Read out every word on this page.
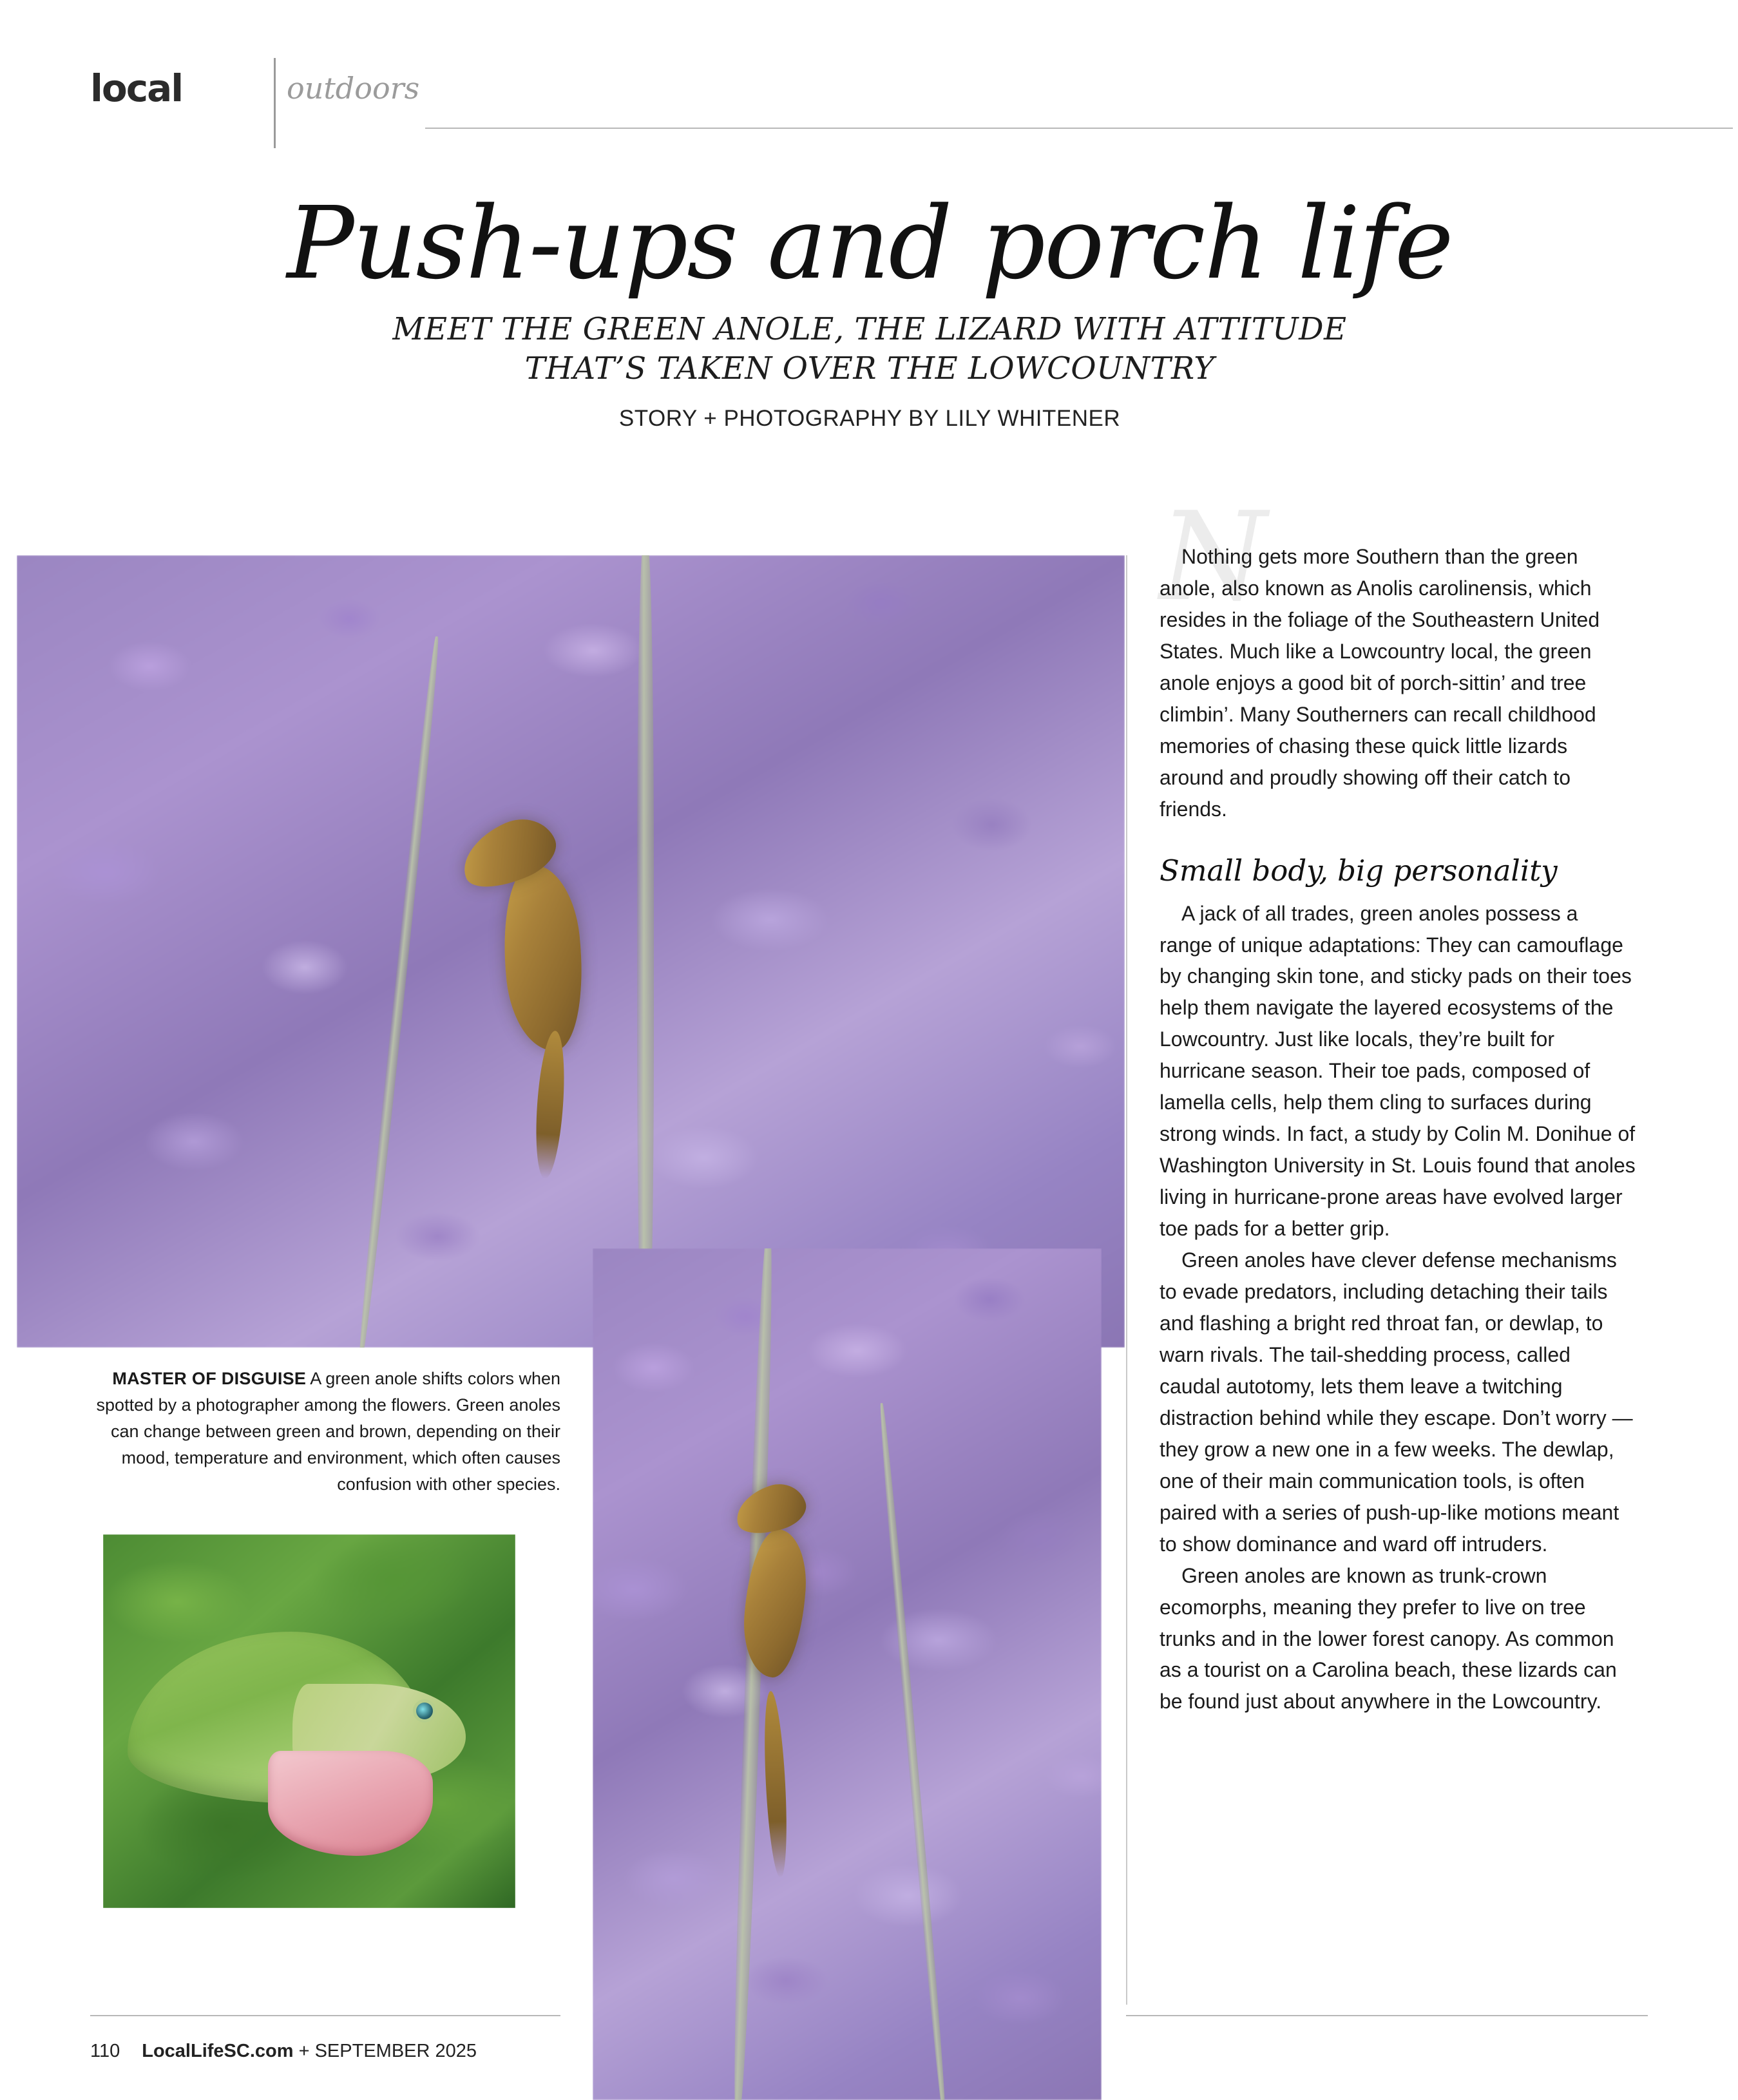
local	outdoors
Push-ups and porch life
MEET THE GREEN ANOLE, THE LIZARD WITH ATTITUDE
THAT’S TAKEN OVER THE LOWCOUNTRY
STORY + PHOTOGRAPHY BY LILY WHITENER
MASTER OF DISGUISE A green anole shifts colors when spotted by a photographer among the flowers. Green anoles can change between green and brown, depending on their mood, temperature and environment, which often causes confusion with other species.
N

Nothing gets more Southern than the green anole, also known as Anolis carolinensis, which resides in the foliage of the Southeastern United States. Much like a Lowcountry local, the green anole enjoys a good bit of porch-sittin’ and tree climbin’. Many Southerners can recall childhood memories of chasing these quick little lizards around and proudly showing off their catch to friends.

Small body, big personality

A jack of all trades, green anoles possess a range of unique adaptations: They can camouflage by changing skin tone, and sticky pads on their toes help them navigate the layered ecosystems of the Lowcountry. Just like locals, they’re built for hurricane season. Their toe pads, composed of lamella cells, help them cling to surfaces during strong winds. In fact, a study by Colin M. Donihue of Washington University in St. Louis found that anoles living in hurricane-prone areas have evolved larger toe pads for a better grip.

Green anoles have clever defense mechanisms to evade predators, including detaching their tails and flashing a bright red throat fan, or dewlap, to warn rivals. The tail-shedding process, called caudal autotomy, lets them leave a twitching distraction behind while they escape. Don’t worry — they grow a new one in a few weeks. The dewlap, one of their main communication tools, is often paired with a series of push-up-like motions meant to show dominance and ward off intruders.

Green anoles are known as trunk-crown ecomorphs, meaning they prefer to live on tree trunks and in the lower forest canopy. As common as a tourist on a Carolina beach, these lizards can be found just about anywhere in the Lowcountry.

110 LocalLifeSC.com + SEPTEMBER 2025
